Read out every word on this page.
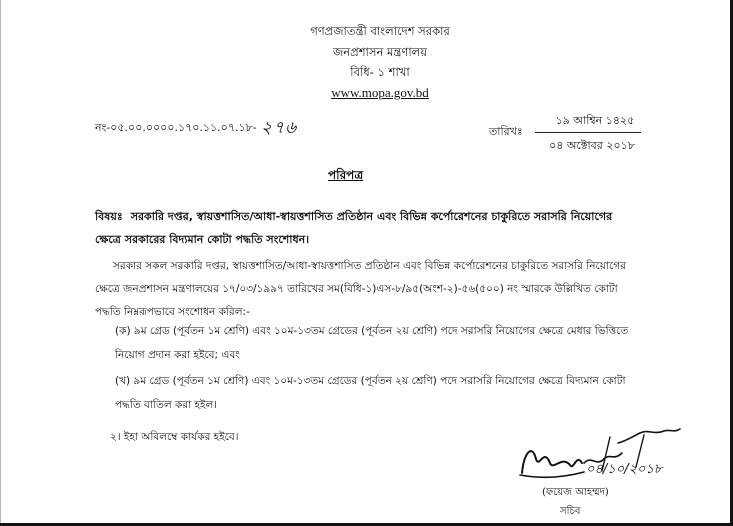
গণপ্রজাতন্ত্রী বাংলাদেশ সরকার
জনপ্রশাসন মন্ত্রণালয়
বিধি- ১ শাখা
www.mopa.gov.bd
নং-০৫.০০.০০০০.১৭০.১১.০৭.১৮- ২৭৬	তারিখঃ
১৯ আশ্বিন ১৪২৫
০৪ অক্টোবর ২০১৮
পরিপত্র
বিষয়ঃ সরকারি দপ্তর, স্বায়ত্তশাসিত/আধা-স্বায়ত্তশাসিত প্রতিষ্ঠান এবং বিভিন্ন কর্পোরেশনের চাকুরিতে সরাসরি নিয়োগের ক্ষেত্রে সরকারের বিদ্যমান কোটা পদ্ধতি সংশোধন।
সরকার সকল সরকারি দপ্তর, স্বায়ত্তশাসিত/আধা-স্বায়ত্তশাসিত প্রতিষ্ঠান এবং বিভিন্ন কর্পোরেশনের চাকুরিতে সরাসরি নিয়োগের ক্ষেত্রে জনপ্রশাসন মন্ত্রণালয়ের ১৭/০৩/১৯৯৭ তারিখের সম(বিধি-১)এস-৮/৯৫(অংশ-২)-৫৬(৫০০) নং স্মারকে উল্লিখিত কোটা পদ্ধতি নিম্নরূপভাবে সংশোধন করিল:-
(ক) ৯ম গ্রেড (পূর্বতন ১ম শ্রেণি) এবং ১০ম-১৩তম গ্রেডের (পূর্বতন ২য় শ্রেণি) পদে সরাসরি নিয়োগের ক্ষেত্রে মেধার ভিত্তিতে নিয়োগ প্রদান করা হইবে; এবং
(খ) ৯ম গ্রেড (পূর্বতন ১ম শ্রেণি) এবং ১০ম-১৩তম গ্রেডের (পূর্বতন ২য় শ্রেণি) পদে সরাসরি নিয়োগের ক্ষেত্রে বিদ্যমান কোটা পদ্ধতি বাতিল করা হইল।
২। ইহা অবিলম্বে কার্যকর হইবে।
০৪/১০/২০১৮
(ফয়েজ আহম্মদ)
সচিব
